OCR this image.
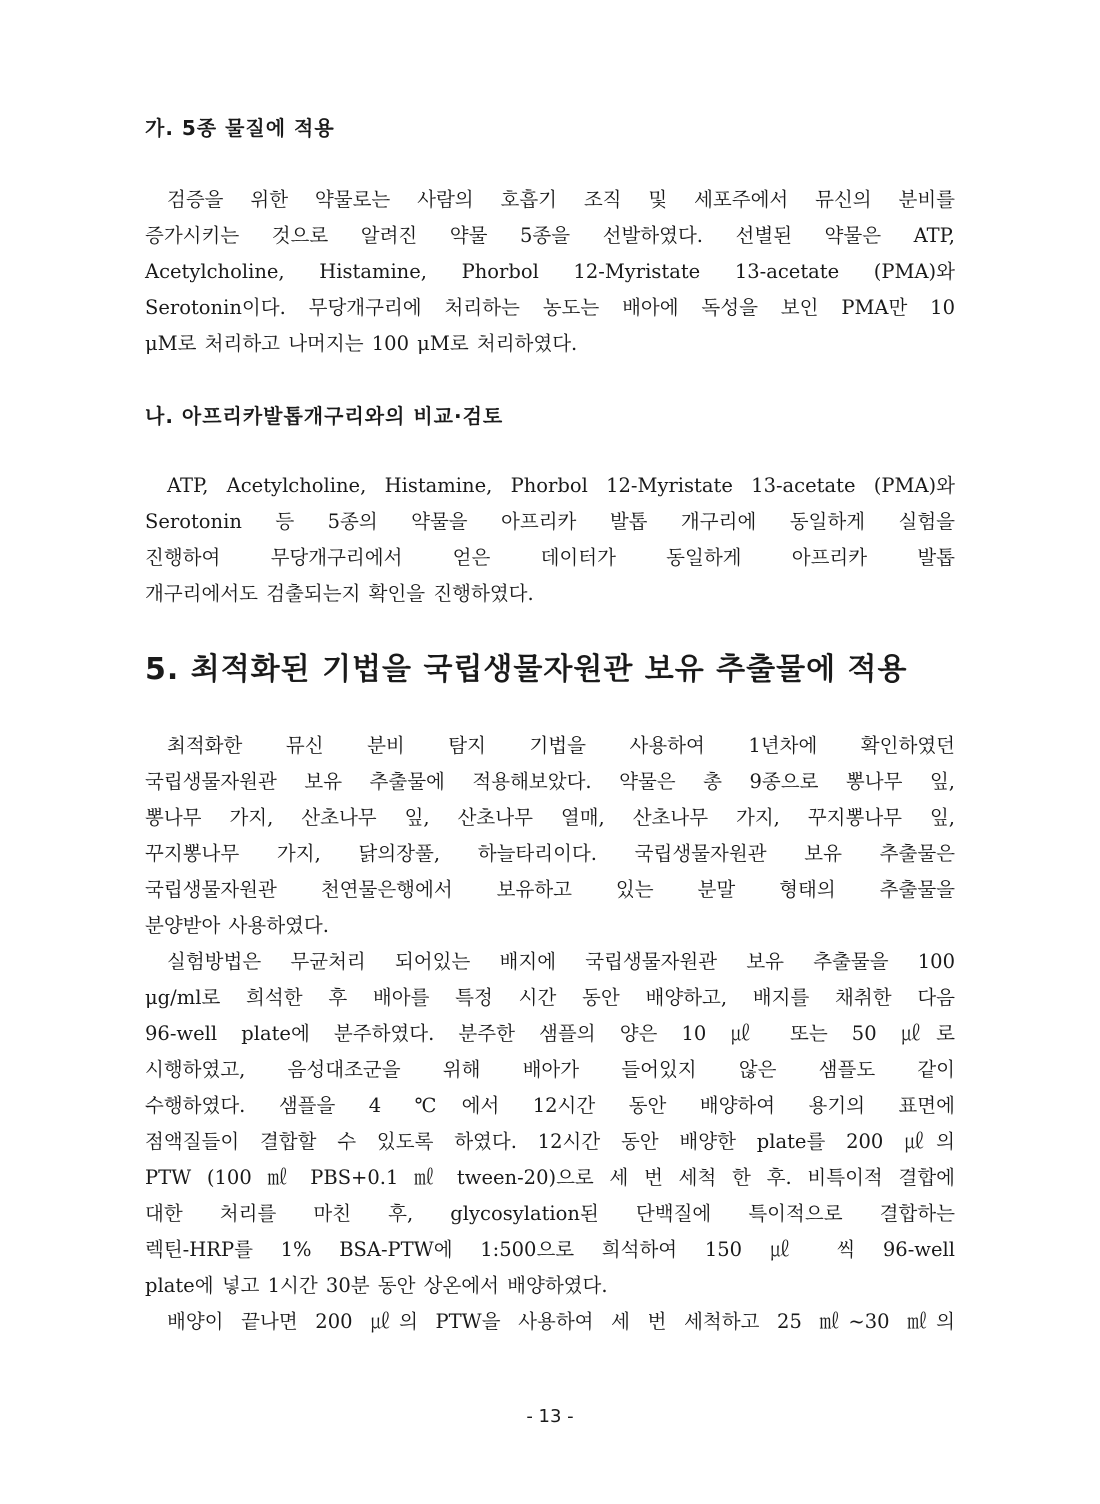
가. 5종 물질에 적용
검증을 위한 약물로는 사람의 호흡기 조직 및 세포주에서 뮤신의 분비를
증가시키는 것으로 알려진 약물 5종을 선발하였다. 선별된 약물은 ATP,
Acetylcholine, Histamine, Phorbol 12-Myristate 13-acetate (PMA)와
Serotonin이다. 무당개구리에 처리하는 농도는 배아에 독성을 보인 PMA만 10
μM로 처리하고 나머지는 100 μM로 처리하였다.
나. 아프리카발톱개구리와의 비교·검토
ATP, Acetylcholine, Histamine, Phorbol 12-Myristate 13-acetate (PMA)와
Serotonin 등 5종의 약물을 아프리카 발톱 개구리에 동일하게 실험을
진행하여 무당개구리에서 얻은 데이터가 동일하게 아프리카 발톱
개구리에서도 검출되는지 확인을 진행하였다.
5. 최적화된 기법을 국립생물자원관 보유 추출물에 적용
최적화한 뮤신 분비 탐지 기법을 사용하여 1년차에 확인하였던
국립생물자원관 보유 추출물에 적용해보았다. 약물은 총 9종으로 뽕나무 잎,
뽕나무 가지, 산초나무 잎, 산초나무 열매, 산초나무 가지, 꾸지뽕나무 잎,
꾸지뽕나무 가지, 닭의장풀, 하늘타리이다. 국립생물자원관 보유 추출물은
국립생물자원관 천연물은행에서 보유하고 있는 분말 형태의 추출물을
분양받아 사용하였다.
실험방법은 무균처리 되어있는 배지에 국립생물자원관 보유 추출물을 100
μg/ml로 희석한 후 배아를 특정 시간 동안 배양하고, 배지를 채취한 다음
96-well plate에 분주하였다. 분주한 샘플의 양은 10 ㎕ 또는 50 ㎕로
시행하였고, 음성대조군을 위해 배아가 들어있지 않은 샘플도 같이
수행하였다. 샘플을 4 ℃에서 12시간 동안 배양하여 용기의 표면에
점액질들이 결합할 수 있도록 하였다. 12시간 동안 배양한 plate를 200 ㎕의
PTW (100 ㎖ PBS+0.1 ㎖ tween-20)으로 세 번 세척 한 후. 비특이적 결합에
대한 처리를 마친 후, glycosylation된 단백질에 특이적으로 결합하는
렉틴-HRP를 1% BSA-PTW에 1:500으로 희석하여 150 ㎕ 씩 96-well
plate에 넣고 1시간 30분 동안 상온에서 배양하였다.
배양이 끝나면 200 ㎕의 PTW을 사용하여 세 번 세척하고 25 ㎖~30 ㎖의

- 13 -
